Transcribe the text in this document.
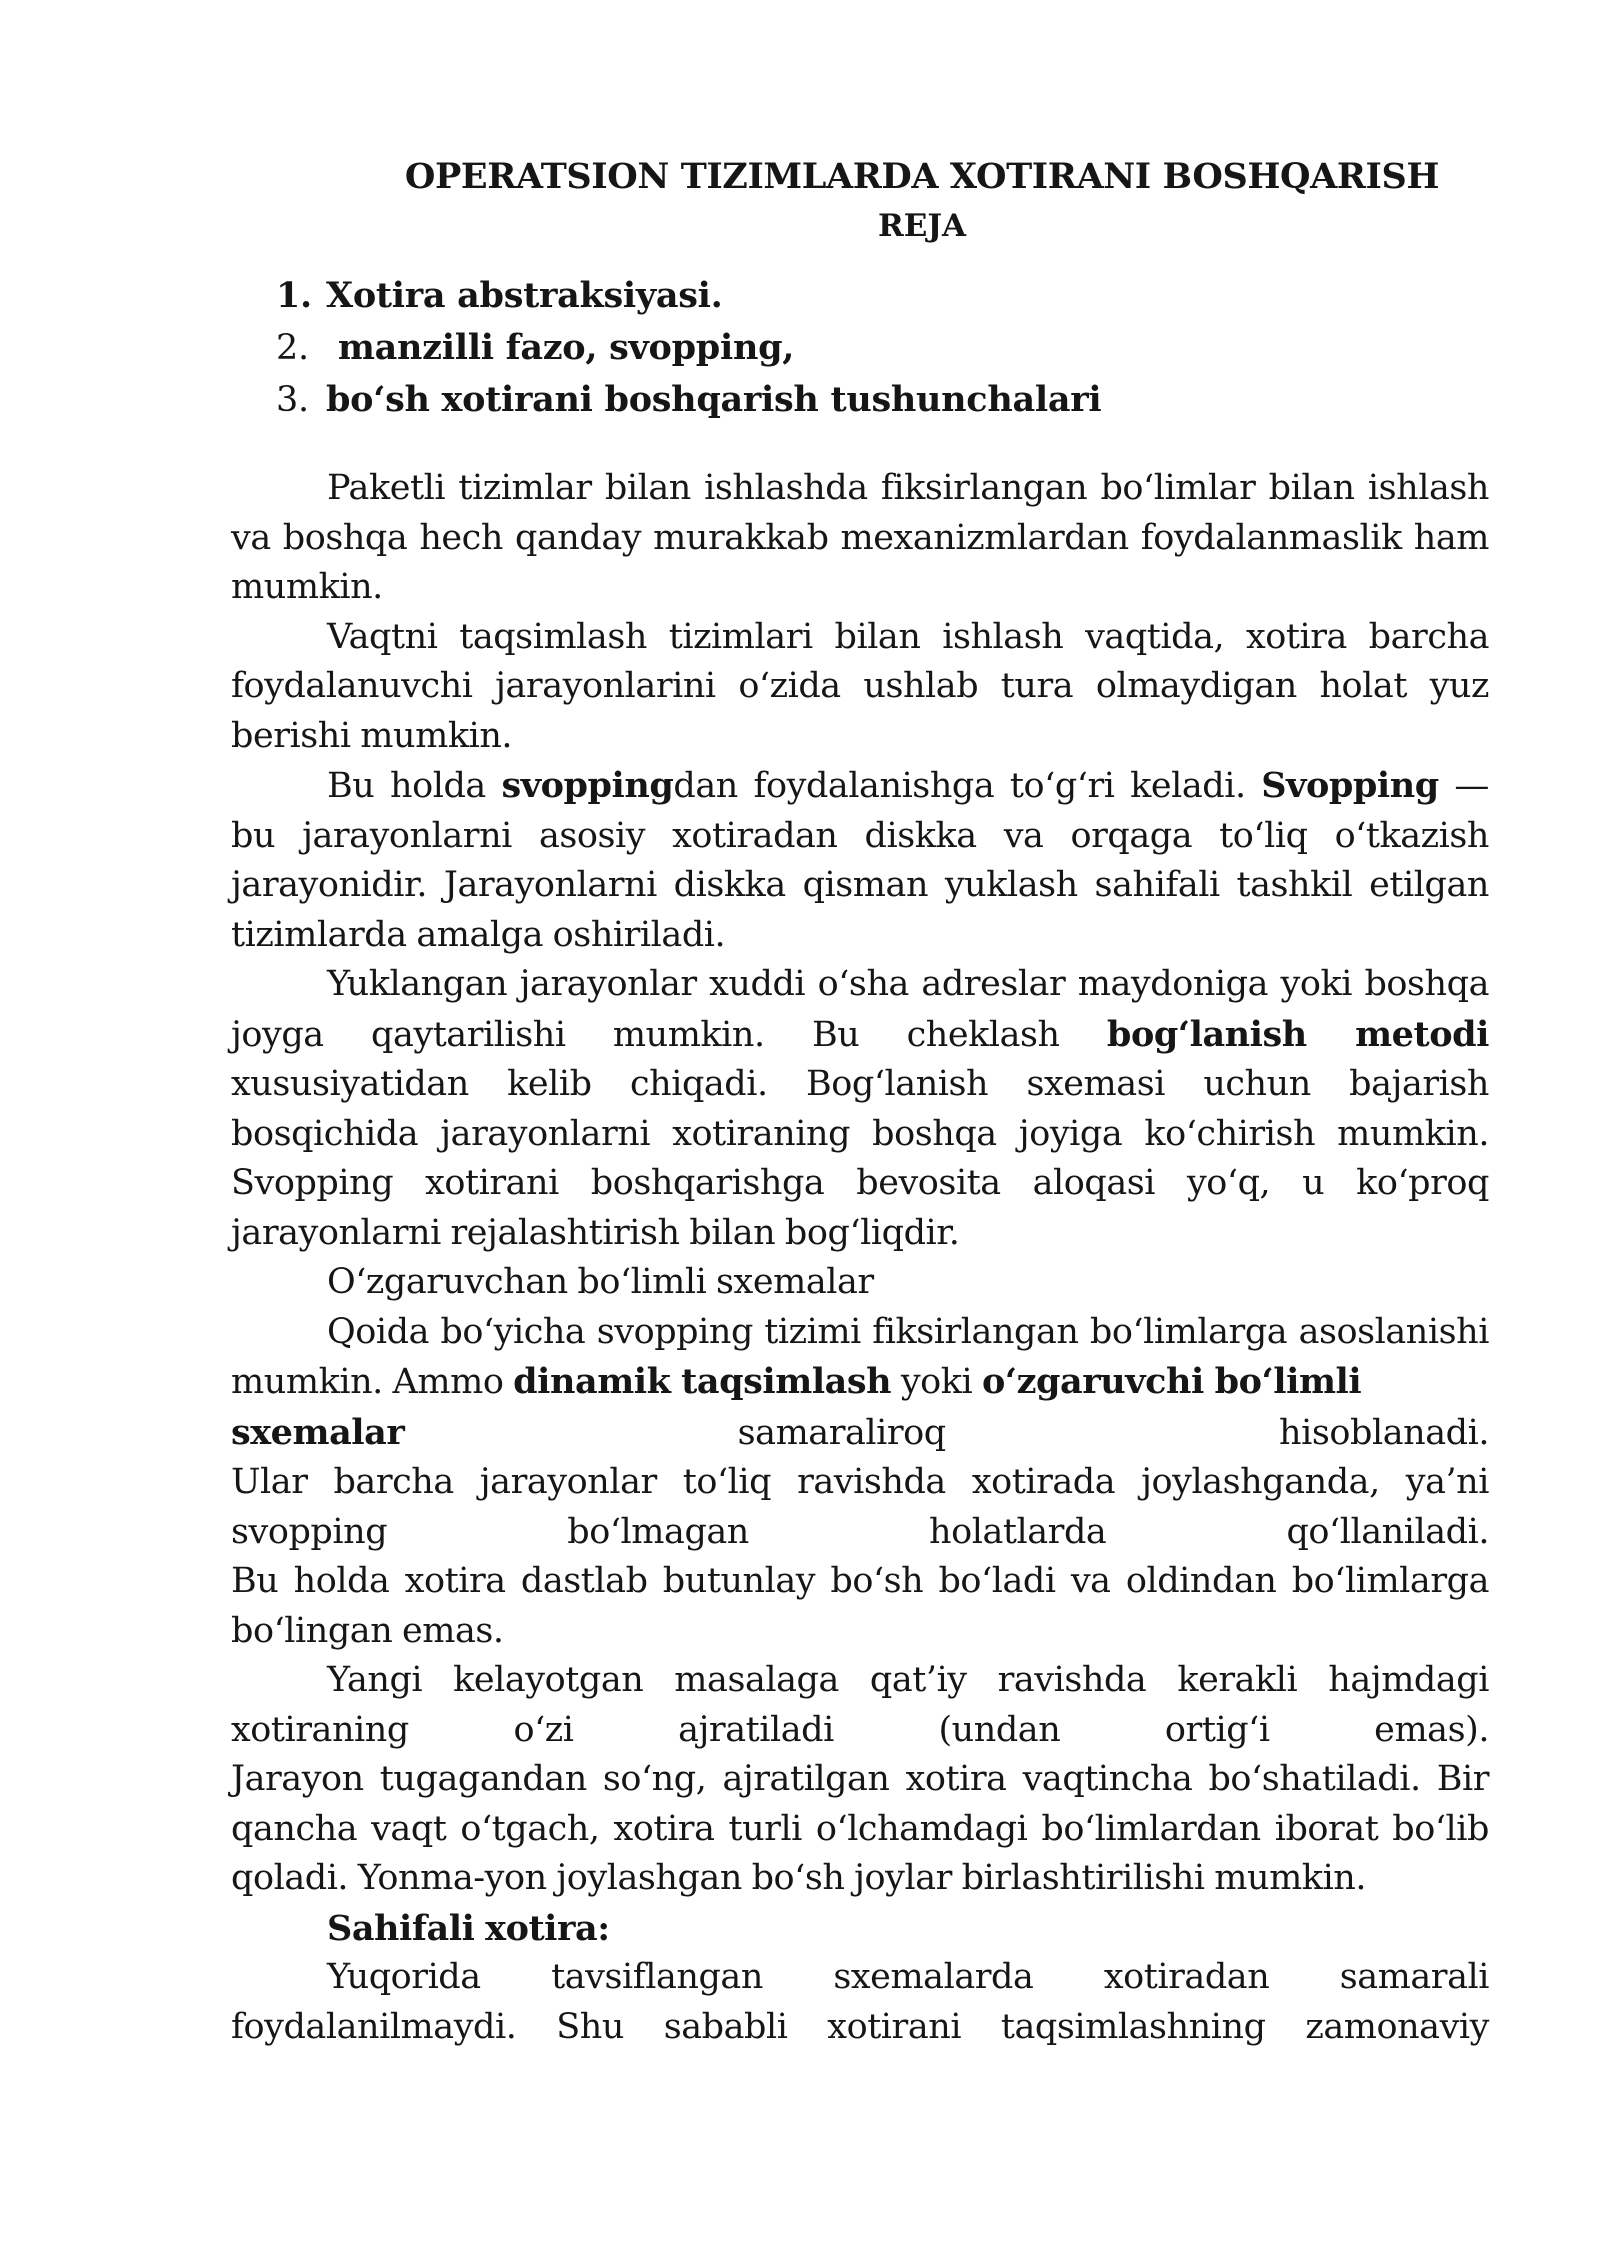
OPERATSION TIZIMLARDA XOTIRANI BOSHQARISH
REJA
1. Xotira abstraksiyasi.
2. manzilli fazo, svopping,
3. bo‘sh xotirani boshqarish tushunchalari

Paketli tizimlar bilan ishlashda fiksirlangan bo‘limlar bilan ishlash va boshqa hech qanday murakkab mexanizmlardan foydalanmaslik ham mumkin.

Vaqtni taqsimlash tizimlari bilan ishlash vaqtida, xotira barcha foydalanuvchi jarayonlarini o‘zida ushlab tura olmaydigan holat yuz berishi mumkin.

Bu holda svoppingdan foydalanishga to‘g‘ri keladi. Svopping — bu jarayonlarni asosiy xotiradan diskka va orqaga to‘liq o‘tkazish jarayonidir. Jarayonlarni diskka qisman yuklash sahifali tashkil etilgan tizimlarda amalga oshiriladi.

Yuklangan jarayonlar xuddi o‘sha adreslar maydoniga yoki boshqa joyga qaytarilishi mumkin. Bu cheklash bog‘lanish metodi xususiyatidan kelib chiqadi. Bog‘lanish sxemasi uchun bajarish bosqichida jarayonlarni xotiraning boshqa joyiga ko‘chirish mumkin. Svopping xotirani boshqarishga bevosita aloqasi yo‘q, u ko‘proq jarayonlarni rejalashtirish bilan bog‘liqdir.

O‘zgaruvchan bo‘limli sxemalar

Qoida bo‘yicha svopping tizimi fiksirlangan bo‘limlarga asoslanishi mumkin. Ammo dinamik taqsimlash yoki o‘zgaruvchi bo‘limli
sxemalar samaraliroq hisoblanadi.
Ular barcha jarayonlar to‘liq ravishda xotirada joylashganda, ya’ni
svopping bo‘lmagan holatlarda qo‘llaniladi.
Bu holda xotira dastlab butunlay bo‘sh bo‘ladi va oldindan bo‘limlarga bo‘lingan emas.

Yangi kelayotgan masalaga qat’iy ravishda kerakli hajmdagi
xotiraning o‘zi ajratiladi (undan ortig‘i emas).
Jarayon tugagandan so‘ng, ajratilgan xotira vaqtincha bo‘shatiladi. Bir qancha vaqt o‘tgach, xotira turli o‘lchamdagi bo‘limlardan iborat bo‘lib qoladi. Yonma-yon joylashgan bo‘sh joylar birlashtirilishi mumkin.

Sahifali xotira:

Yuqorida tavsiflangan sxemalarda xotiradan samarali foydalanilmaydi. Shu sababli xotirani taqsimlashning zamonaviy
